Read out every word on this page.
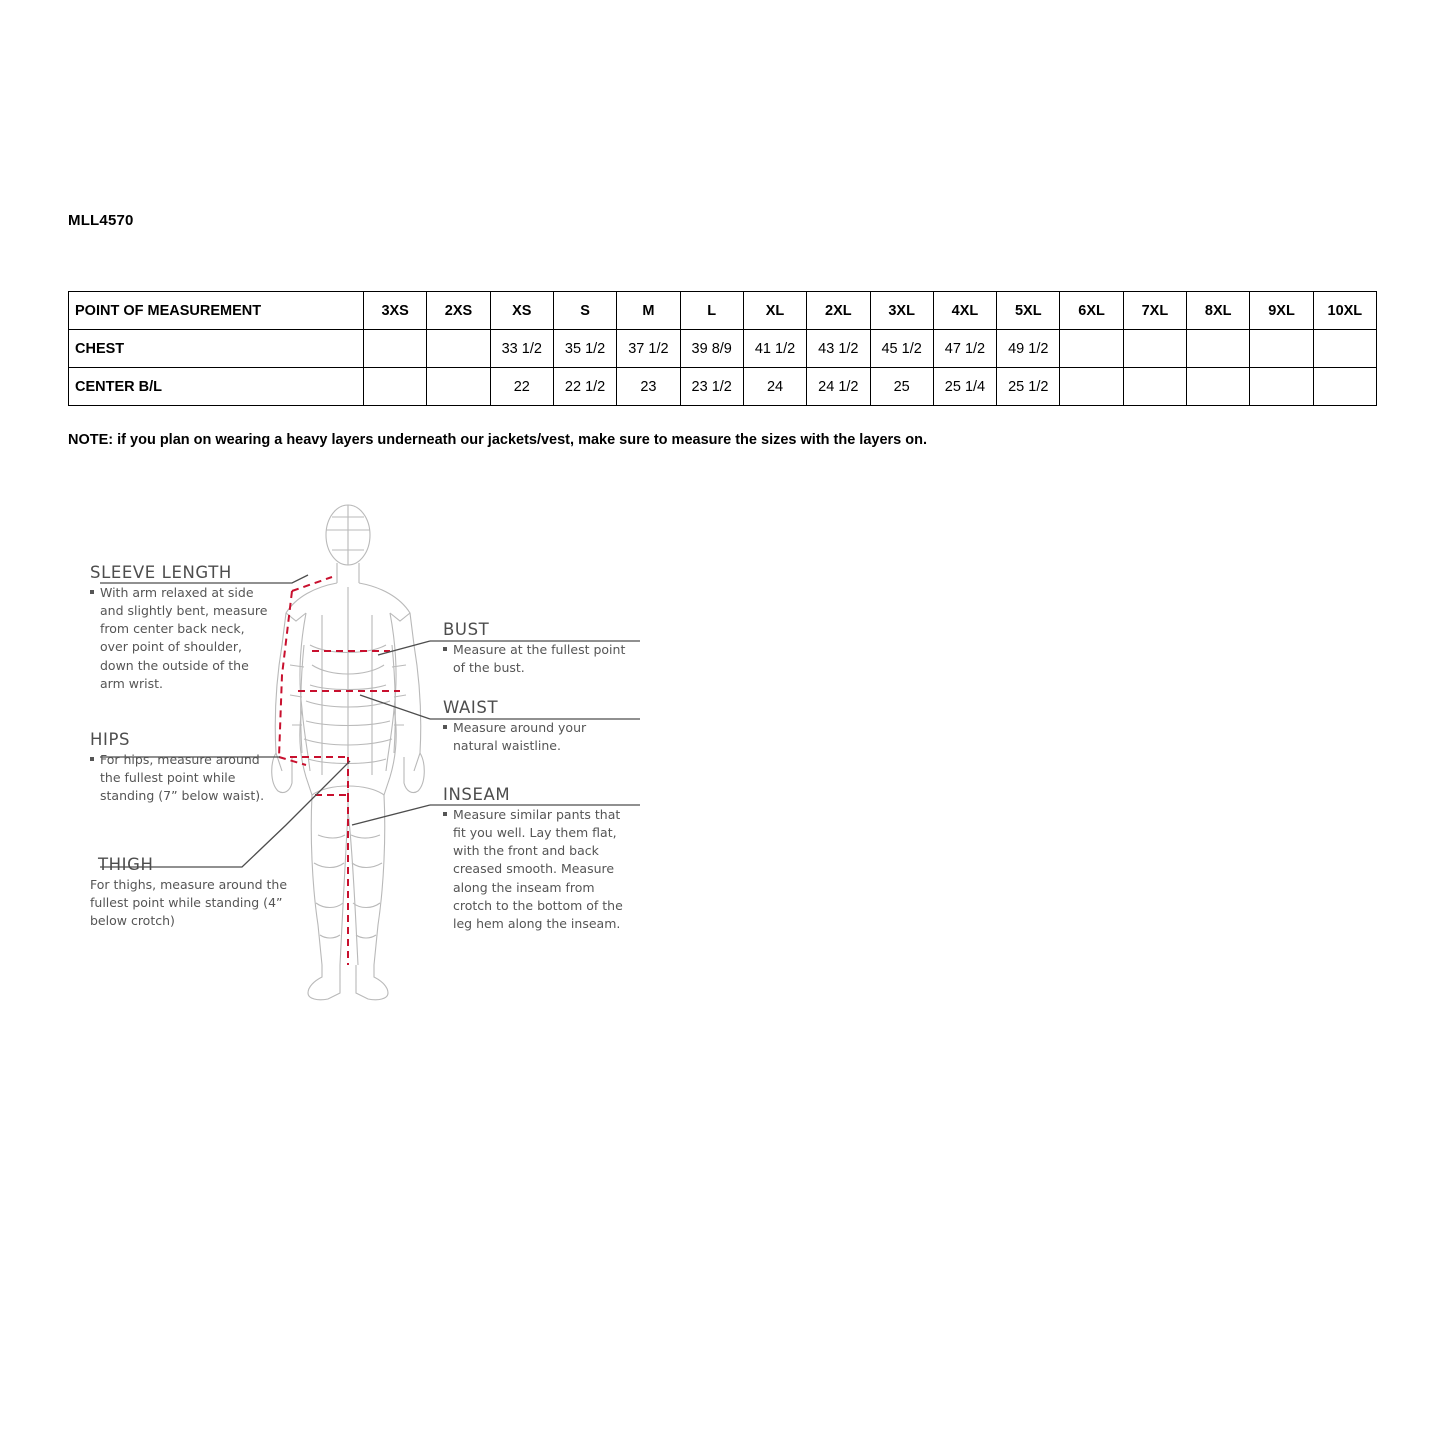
MLL4570
POINT OF MEASUREMENT	3XS	2XS	XS	S	M	L	XL	2XL	3XL	4XL	5XL	6XL	7XL	8XL	9XL	10XL
CHEST			33 1/2	35 1/2	37 1/2	39 8/9	41 1/2	43 1/2	45 1/2	47 1/2	49 1/2					
CENTER B/L			22	22 1/2	23	23 1/2	24	24 1/2	25	25 1/4	25 1/2					
NOTE: if you plan on wearing a heavy layers underneath our jackets/vest, make sure to measure the sizes with the layers on.
SLEEVE LENGTH
With arm relaxed at side and slightly bent, measure from center back neck, over point of shoulder, down the outside of the arm wrist.
HIPS
For hips, measure around the fullest point while standing (7” below waist).
THIGH
For thighs, measure around the fullest point while standing (4” below crotch)
BUST
Measure at the fullest point of the bust.
WAIST
Measure around your natural waistline.
INSEAM
Measure similar pants that fit you well. Lay them flat, with the front and back creased smooth. Measure along the inseam from crotch to the bottom of the leg hem along the inseam.
